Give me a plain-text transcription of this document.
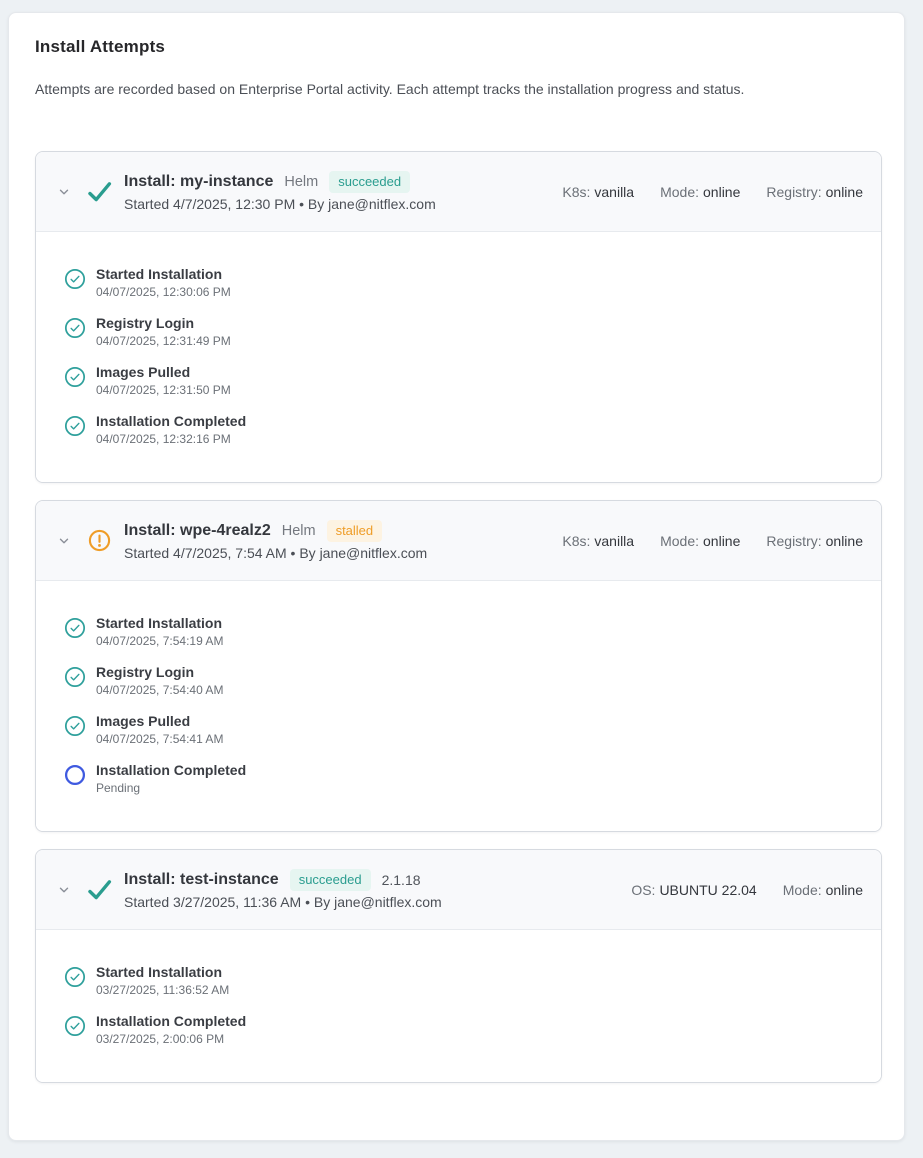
Install Attempts

Attempts are recorded based on Enterprise Portal activity. Each attempt tracks the installation progress and status.

Install: my-instance Helm	succeeded
Started 4/7/2025, 12:30 PM • By jane@nitflex.com
K8s: vanilla Mode: online Registry: online
Started Installation
04/07/2025, 12:30:06 PM
Registry Login
04/07/2025, 12:31:49 PM
Images Pulled
04/07/2025, 12:31:50 PM
Installation Completed
04/07/2025, 12:32:16 PM
Install: wpe-4realz2 Helm	stalled
Started 4/7/2025, 7:54 AM • By jane@nitflex.com
K8s: vanilla Mode: online Registry: online
Started Installation
04/07/2025, 7:54:19 AM
Registry Login
04/07/2025, 7:54:40 AM
Images Pulled
04/07/2025, 7:54:41 AM
Installation Completed
Pending
Install: test-instance	succeeded	2.1.18
Started 3/27/2025, 11:36 AM • By jane@nitflex.com
OS: UBUNTU 22.04 Mode: online
Started Installation
03/27/2025, 11:36:52 AM
Installation Completed
03/27/2025, 2:00:06 PM
